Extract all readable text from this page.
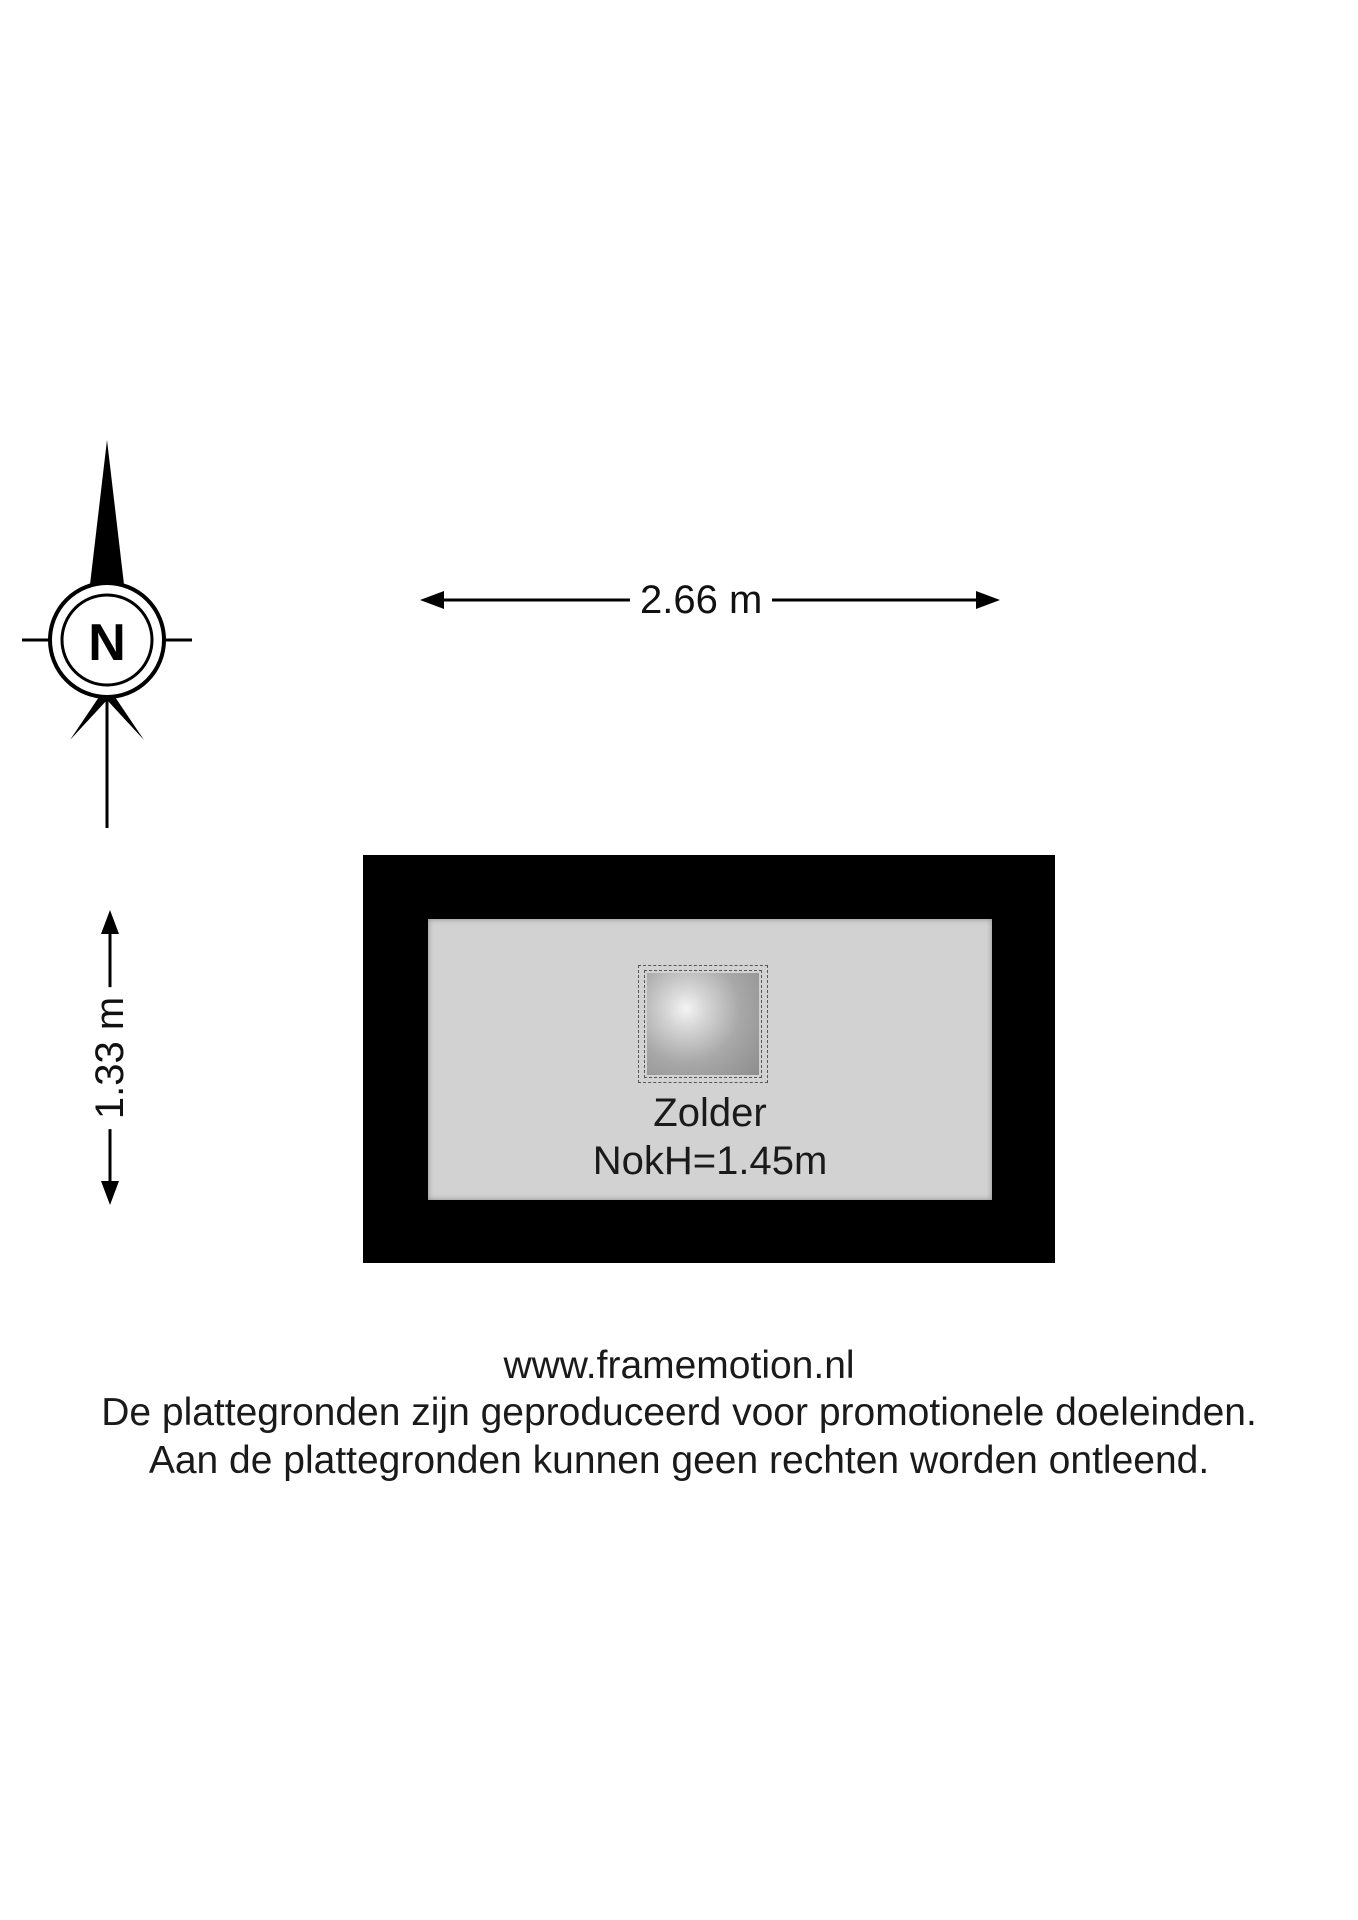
N
2.66 m
1.33 m	Zolder
NokH=1.45m
www.framemotion.nl
De plattegronden zijn geproduceerd voor promotionele doeleinden.
Aan de plattegronden kunnen geen rechten worden ontleend.
